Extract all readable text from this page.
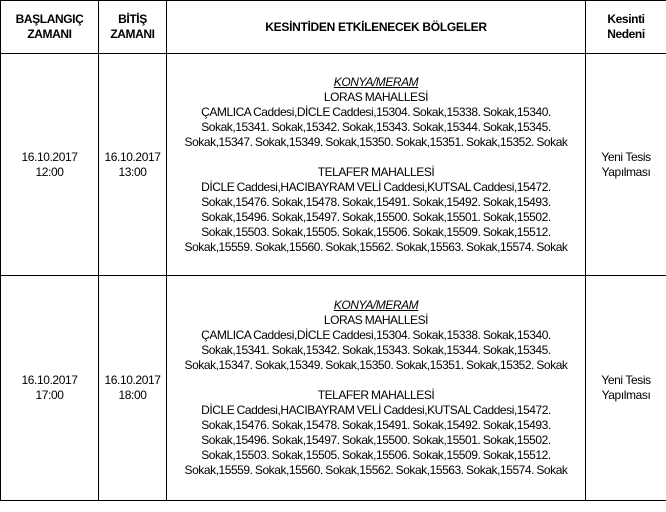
BAŞLANGIÇ
ZAMANI	BİTİŞ
ZAMANI	KESİNTİDEN ETKİLENECEK BÖLGELER	Kesinti
Nedeni

16.10.2017
12:00	16.10.2017
13:00	KONYA/MERAM
LORAS MAHALLESİ
ÇAMLICA Caddesi,DİCLE Caddesi,15304. Sokak,15338. Sokak,15340. Sokak,15341. Sokak,15342. Sokak,15343. Sokak,15344. Sokak,15345. Sokak,15347. Sokak,15349. Sokak,15350. Sokak,15351. Sokak,15352. Sokak
TELAFER MAHALLESİ
DİCLE Caddesi,HACIBAYRAM VELİ Caddesi,KUTSAL Caddesi,15472. Sokak,15476. Sokak,15478. Sokak,15491. Sokak,15492. Sokak,15493. Sokak,15496. Sokak,15497. Sokak,15500. Sokak,15501. Sokak,15502. Sokak,15503. Sokak,15505. Sokak,15506. Sokak,15509. Sokak,15512. Sokak,15559. Sokak,15560. Sokak,15562. Sokak,15563. Sokak,15574. Sokak	Yeni Tesis
Yapılması

16.10.2017
17:00	16.10.2017
18:00	KONYA/MERAM
LORAS MAHALLESİ
ÇAMLICA Caddesi,DİCLE Caddesi,15304. Sokak,15338. Sokak,15340. Sokak,15341. Sokak,15342. Sokak,15343. Sokak,15344. Sokak,15345. Sokak,15347. Sokak,15349. Sokak,15350. Sokak,15351. Sokak,15352. Sokak
TELAFER MAHALLESİ
DİCLE Caddesi,HACIBAYRAM VELİ Caddesi,KUTSAL Caddesi,15472. Sokak,15476. Sokak,15478. Sokak,15491. Sokak,15492. Sokak,15493. Sokak,15496. Sokak,15497. Sokak,15500. Sokak,15501. Sokak,15502. Sokak,15503. Sokak,15505. Sokak,15506. Sokak,15509. Sokak,15512. Sokak,15559. Sokak,15560. Sokak,15562. Sokak,15563. Sokak,15574. Sokak	Yeni Tesis
Yapılması
